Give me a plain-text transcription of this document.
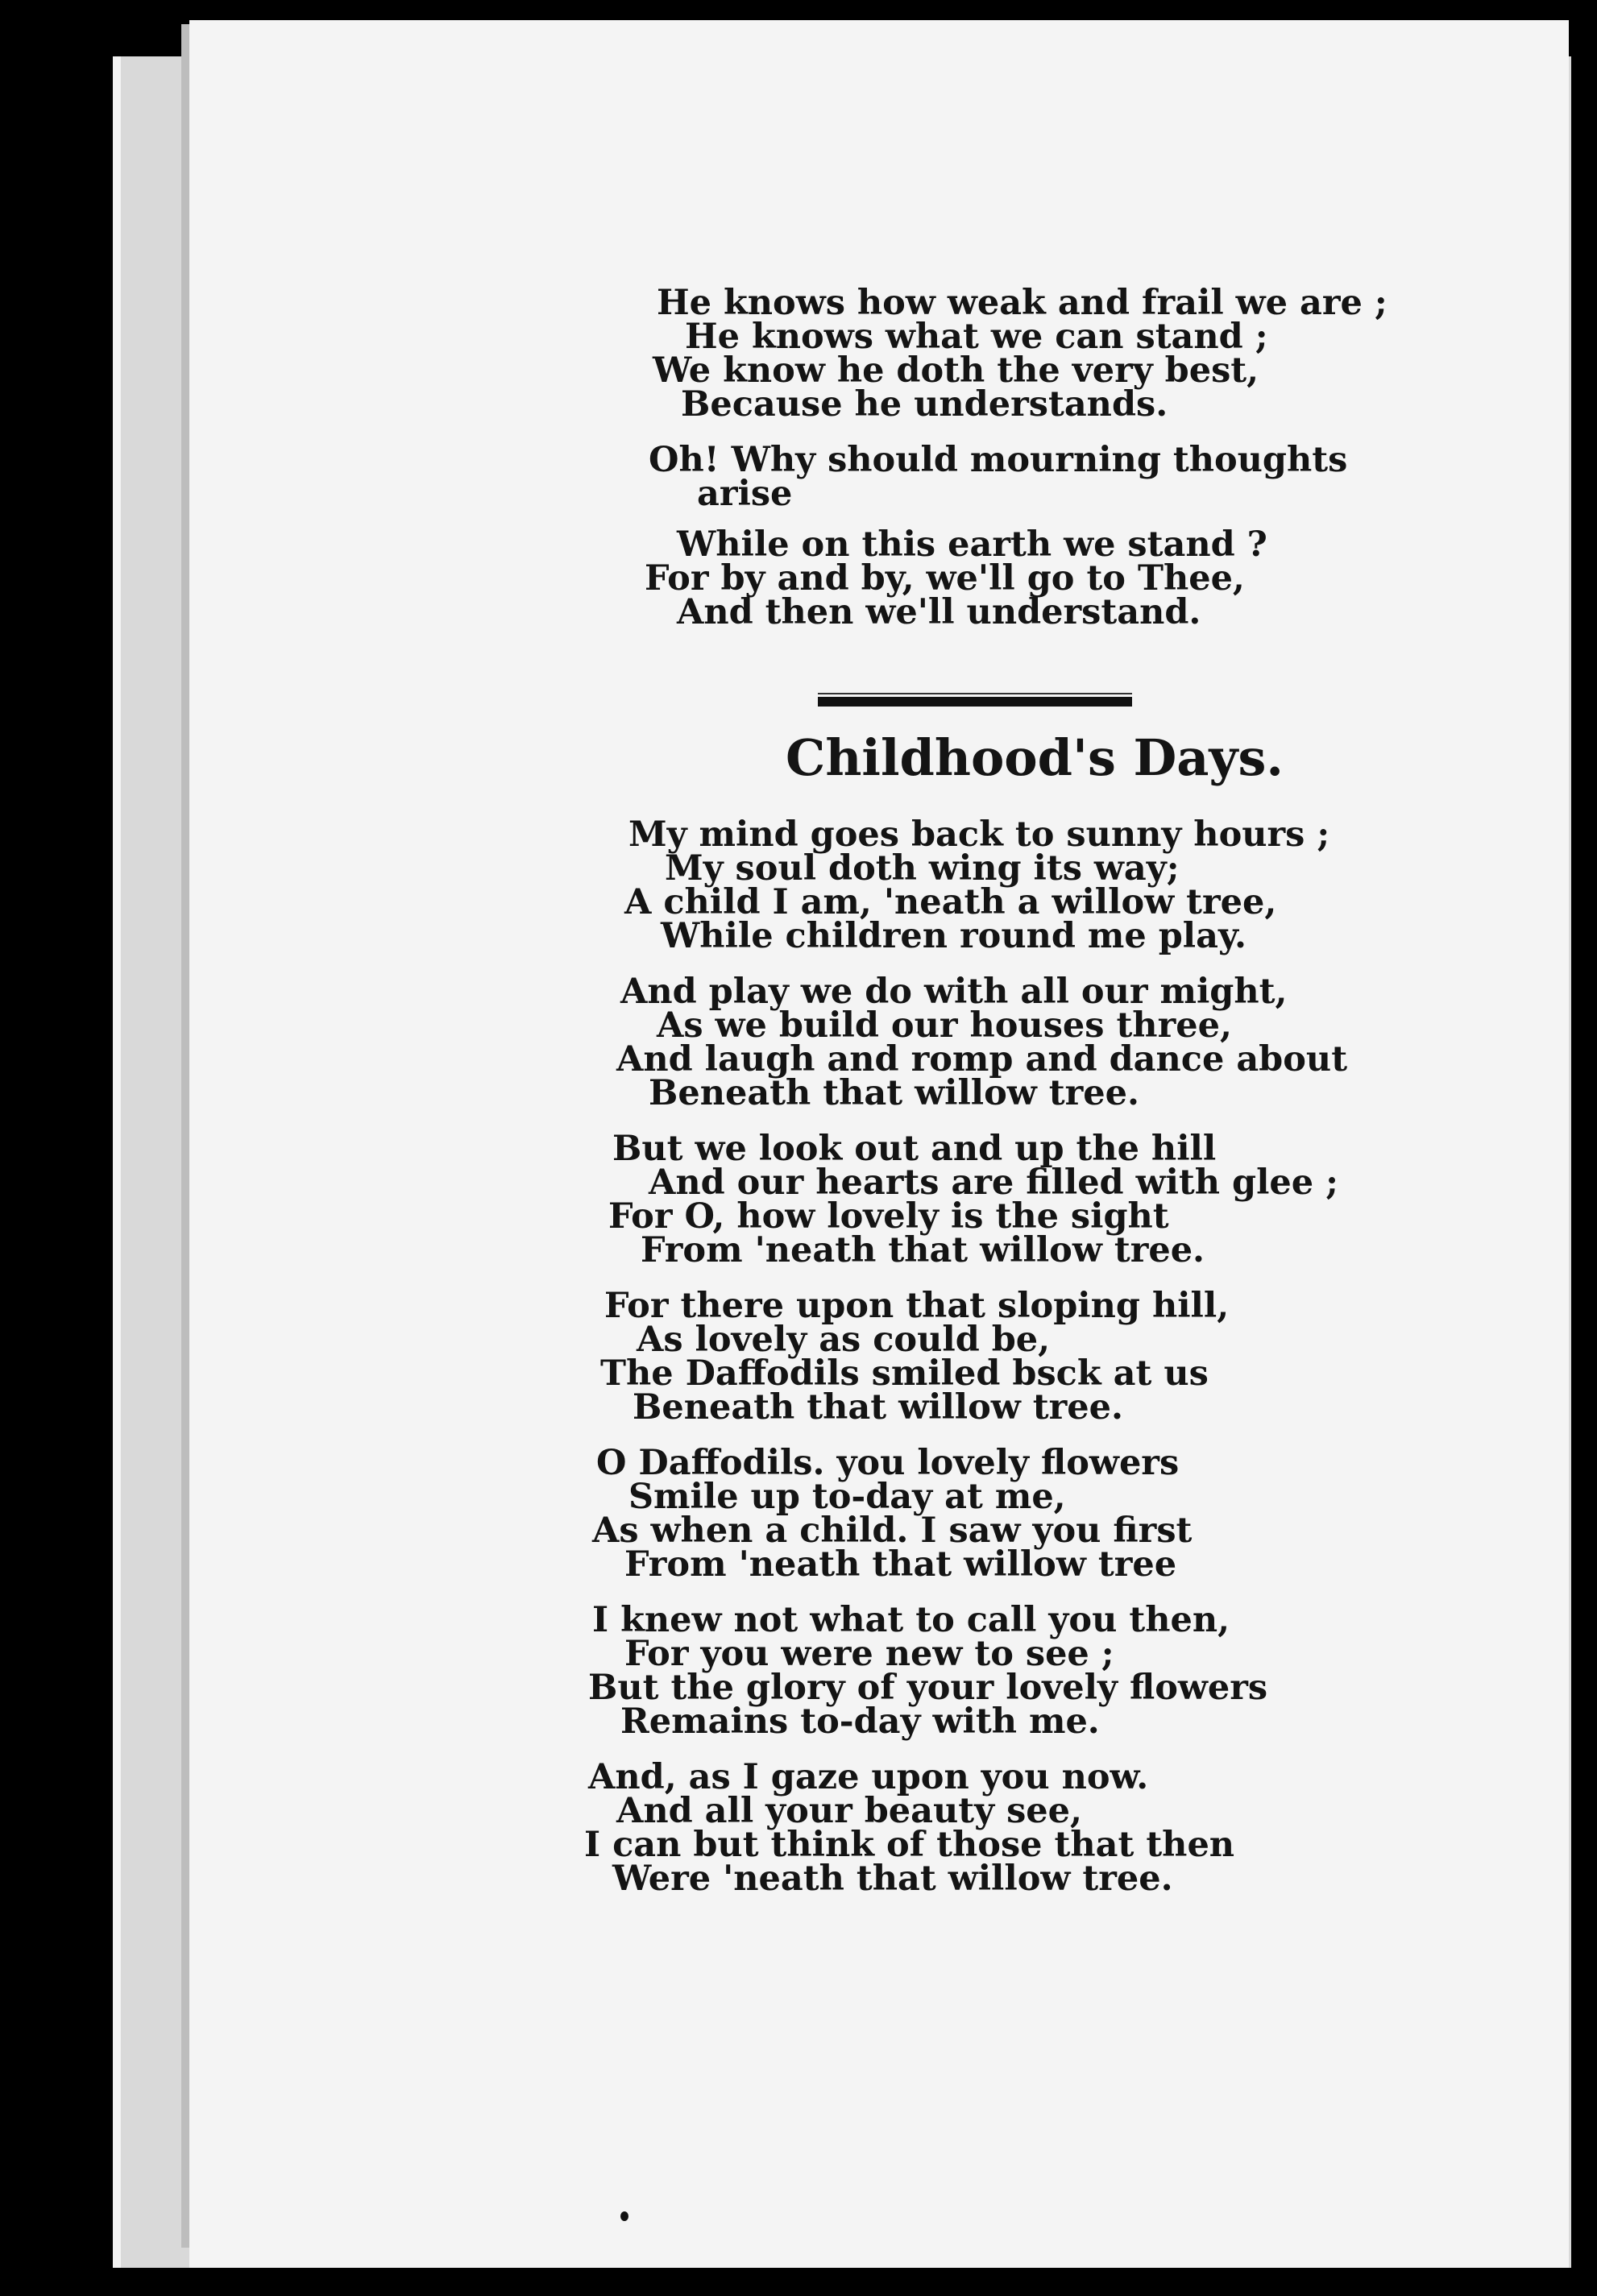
He knows how weak and frail we are ;
He knows what we can stand ;
We know he doth the very best,
Because he understands.
Oh! Why should mourning thoughts
arise
While on this earth we stand ?
For by and by, we'll go to Thee,
And then we'll understand.
Childhood's Days.
My mind goes back to sunny hours ;
My soul doth wing its way;
A child I am, 'neath a willow tree,
While children round me play.
And play we do with all our might,
As we build our houses three,
And laugh and romp and dance about
Beneath that willow tree.
But we look out and up the hill
And our hearts are filled with glee ;
For O, how lovely is the sight
From 'neath that willow tree.
For there upon that sloping hill,
As lovely as could be,
The Daffodils smiled bsck at us
Beneath that willow tree.
O Daffodils. you lovely flowers
Smile up to-day at me,
As when a child. I saw you first
From 'neath that willow tree
I knew not what to call you then,
For you were new to see ;
But the glory of your lovely flowers
Remains to-day with me.
And, as I gaze upon you now.
And all your beauty see,
I can but think of those that then
Were 'neath that willow tree.
